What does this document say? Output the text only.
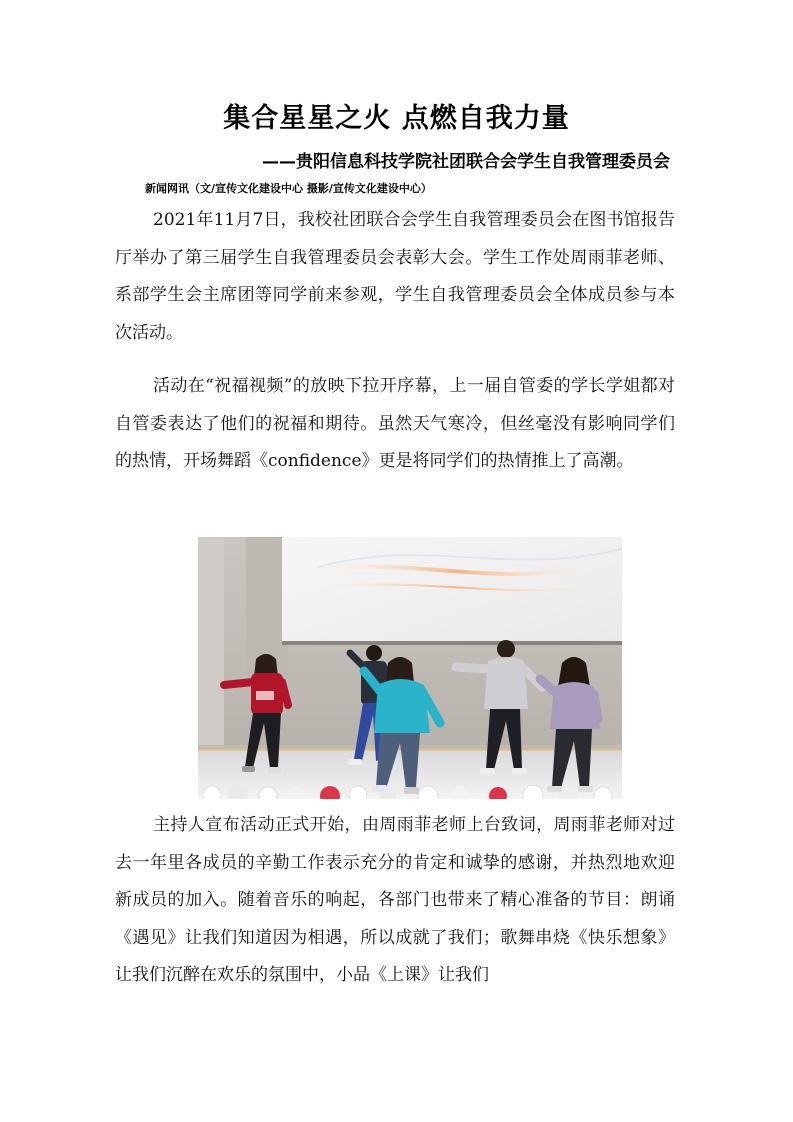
集合星星之火 点燃自我力量
——贵阳信息科技学院社团联合会学生自我管理委员会
新闻网讯（文/宣传文化建设中心 摄影/宣传文化建设中心）

2021年11月7日，我校社团联合会学生自我管理委员会在图书馆报告厅举办了第三届学生自我管理委员会表彰大会。学生工作处周雨菲老师、系部学生会主席团等同学前来参观，学生自我管理委员会全体成员参与本次活动。

活动在“祝福视频”的放映下拉开序幕，上一届自管委的学长学姐都对自管委表达了他们的祝福和期待。虽然天气寒冷，但丝毫没有影响同学们的热情，开场舞蹈《confidence》更是将同学们的热情推上了高潮。

主持人宣布活动正式开始，由周雨菲老师上台致词，周雨菲老师对过去一年里各成员的辛勤工作表示充分的肯定和诚挚的感谢，并热烈地欢迎新成员的加入。随着音乐的响起，各部门也带来了精心准备的节目：朗诵《遇见》让我们知道因为相遇，所以成就了我们；歌舞串烧《快乐想象》让我们沉醉在欢乐的氛围中，小品《上课》让我们
